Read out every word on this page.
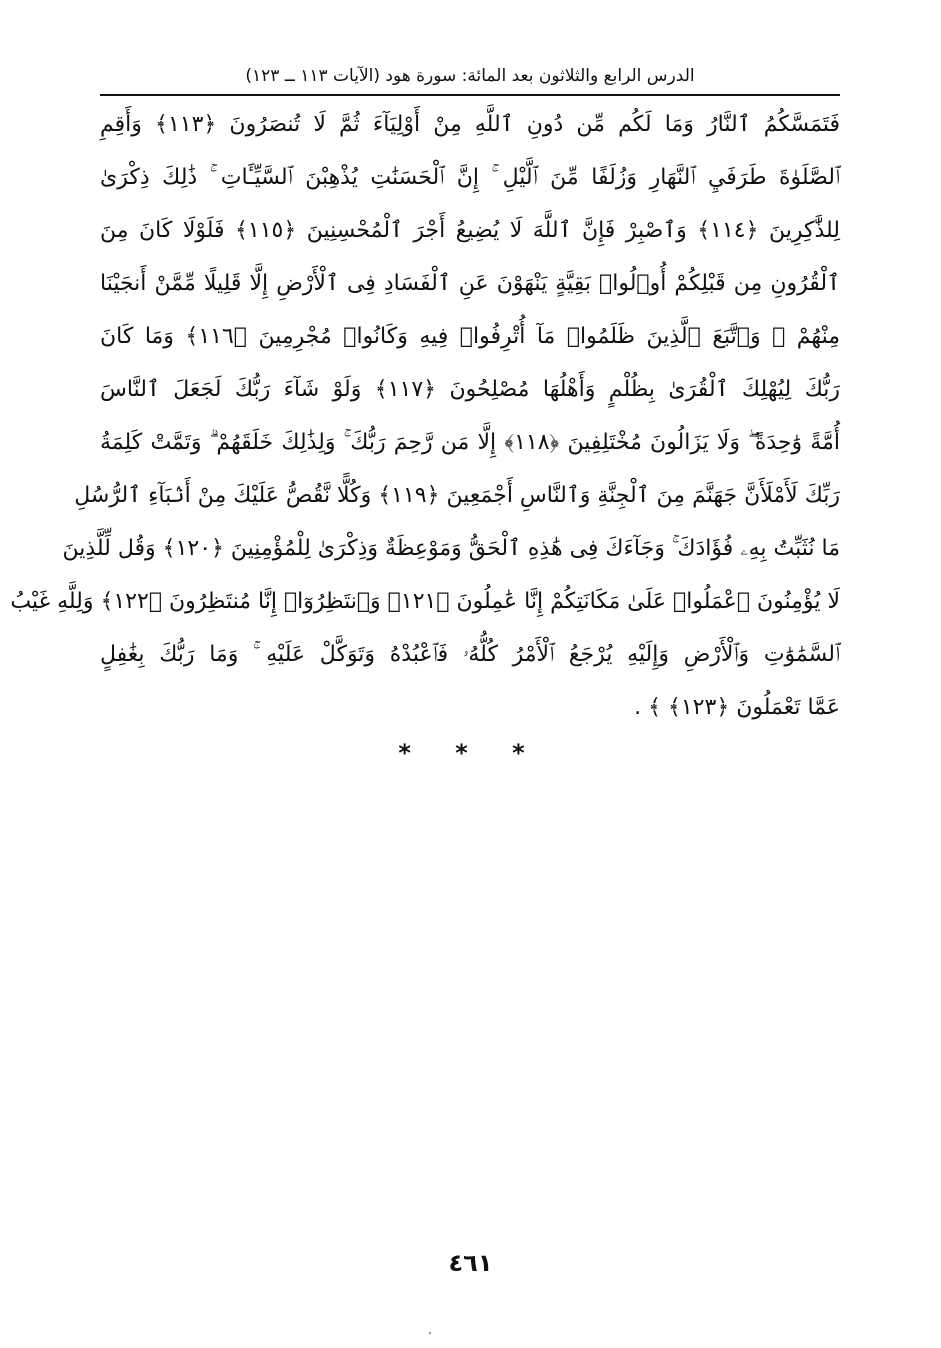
الدرس الرابع والثلاثون بعد المائة: سورة هود (الآيات ١١٣ ــ ١٢٣)

فَتَمَسَّكُمُ ٱلنَّارُ وَمَا لَكُم مِّن دُونِ ٱللَّهِ مِنْ أَوْلِيَآءَ ثُمَّ لَا تُنصَرُونَ ﴿١١٣﴾ وَأَقِمِ

ٱلصَّلَوٰةَ طَرَفَيِ ٱلنَّهَارِ وَزُلَفًا مِّنَ ٱلَّيْلِ ۚ إِنَّ ٱلْحَسَنَٰتِ يُذْهِبْنَ ٱلسَّيِّـَٔاتِ ۚ ذَٰلِكَ ذِكْرَىٰ

لِلذَّٰكِرِينَ ﴿١١٤﴾ وَٱصْبِرْ فَإِنَّ ٱللَّهَ لَا يُضِيعُ أَجْرَ ٱلْمُحْسِنِينَ ﴿١١٥﴾ فَلَوْلَا كَانَ مِنَ

ٱلْقُرُونِ مِن قَبْلِكُمْ أُو۟لُوا۟ بَقِيَّةٍ يَنْهَوْنَ عَنِ ٱلْفَسَادِ فِى ٱلْأَرْضِ إِلَّا قَلِيلًا مِّمَّنْ أَنجَيْنَا

مِنْهُمْ ۗ وَٱتَّبَعَ ٱلَّذِينَ ظَلَمُوا۟ مَآ أُتْرِفُوا۟ فِيهِ وَكَانُوا۟ مُجْرِمِينَ ﴿١١٦﴾ وَمَا كَانَ

رَبُّكَ لِيُهْلِكَ ٱلْقُرَىٰ بِظُلْمٍ وَأَهْلُهَا مُصْلِحُونَ ﴿١١٧﴾ وَلَوْ شَآءَ رَبُّكَ لَجَعَلَ ٱلنَّاسَ

أُمَّةً وَٰحِدَةً ۖ وَلَا يَزَالُونَ مُخْتَلِفِينَ ﴿١١٨﴾ إِلَّا مَن رَّحِمَ رَبُّكَ ۚ وَلِذَٰلِكَ خَلَقَهُمْ ۗ وَتَمَّتْ كَلِمَةُ

رَبِّكَ لَأَمْلَأَنَّ جَهَنَّمَ مِنَ ٱلْجِنَّةِ وَٱلنَّاسِ أَجْمَعِينَ ﴿١١٩﴾ وَكُلًّا نَّقُصُّ عَلَيْكَ مِنْ أَنۢبَآءِ ٱلرُّسُلِ

مَا نُثَبِّتُ بِهِۦ فُؤَادَكَ ۚ وَجَآءَكَ فِى هَٰذِهِ ٱلْحَقُّ وَمَوْعِظَةٌ وَذِكْرَىٰ لِلْمُؤْمِنِينَ ﴿١٢٠﴾ وَقُل لِّلَّذِينَ

لَا يُؤْمِنُونَ ٱعْمَلُوا۟ عَلَىٰ مَكَانَتِكُمْ إِنَّا عَٰمِلُونَ ﴿١٢١﴾ وَٱنتَظِرُوٓا۟ إِنَّا مُنتَظِرُونَ ﴿١٢٢﴾ وَلِلَّهِ غَيْبُ

ٱلسَّمَٰوَٰتِ وَٱلْأَرْضِ وَإِلَيْهِ يُرْجَعُ ٱلْأَمْرُ كُلُّهُۥ فَٱعْبُدْهُ وَتَوَكَّلْ عَلَيْهِ ۚ وَمَا رَبُّكَ بِغَٰفِلٍ

عَمَّا تَعْمَلُونَ ﴿١٢٣﴾ ﴾ .

* * *
٤٦١
